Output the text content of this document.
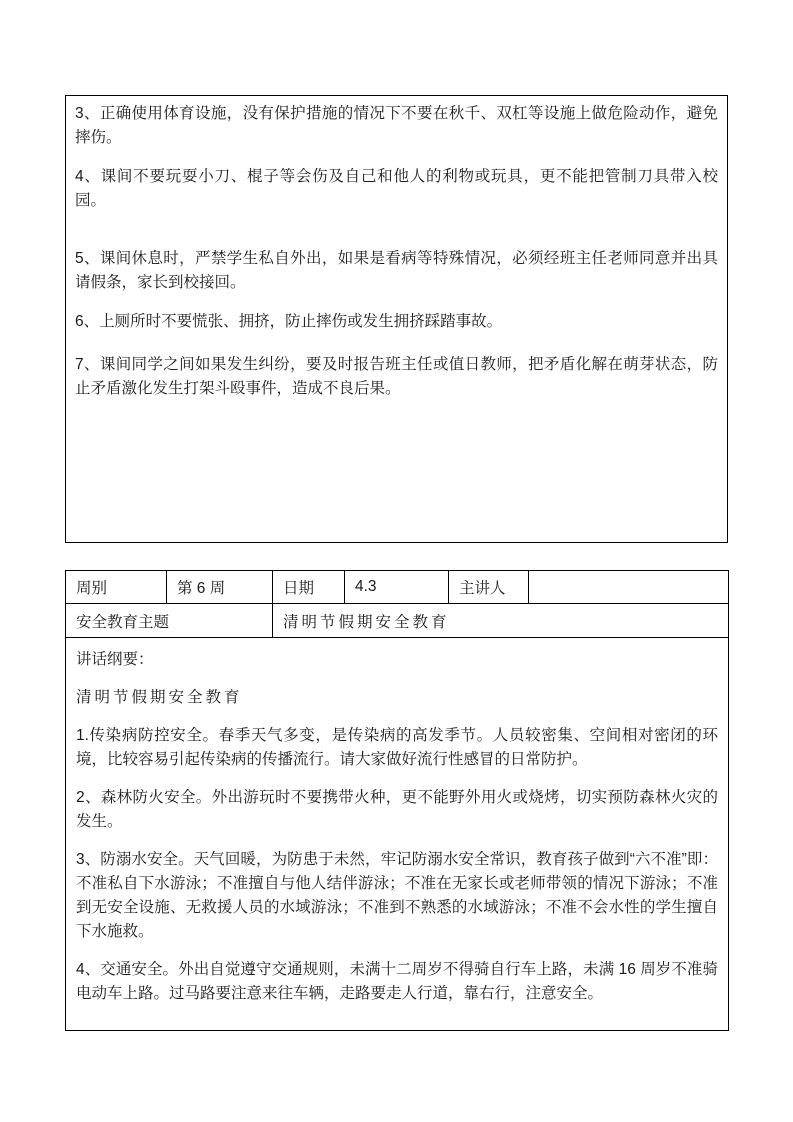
3、正确使用体育设施，没有保护措施的情况下不要在秋千、双杠等设施上做危险动作，避免摔伤。

4、课间不要玩耍小刀、棍子等会伤及自己和他人的利物或玩具，更不能把管制刀具带入校园。

5、课间休息时，严禁学生私自外出，如果是看病等特殊情况，必须经班主任老师同意并出具请假条，家长到校接回。

6、上厕所时不要慌张、拥挤，防止摔伤或发生拥挤踩踏事故。

7、课间同学之间如果发生纠纷，要及时报告班主任或值日教师，把矛盾化解在萌芽状态，防止矛盾激化发生打架斗殴事件，造成不良后果。

周别	第 6 周	日期	4.3	主讲人	
安全教育主题		清明节假期安全教育			

讲话纲要：

清明节假期安全教育

1.传染病防控安全。春季天气多变，是传染病的高发季节。人员较密集、空间相对密闭的环境，比较容易引起传染病的传播流行。请大家做好流行性感冒的日常防护。

2、森林防火安全。外出游玩时不要携带火种，更不能野外用火或烧烤，切实预防森林火灾的发生。

3、防溺水安全。天气回暖，为防患于未然，牢记防溺水安全常识，教育孩子做到“六不准”即：不准私自下水游泳；不准擅自与他人结伴游泳；不准在无家长或老师带领的情况下游泳；不准到无安全设施、无救援人员的水域游泳；不准到不熟悉的水域游泳；不准不会水性的学生擅自下水施救。

4、交通安全。外出自觉遵守交通规则，未满十二周岁不得骑自行车上路，未满 16 周岁不准骑电动车上路。过马路要注意来往车辆，走路要走人行道，靠右行，注意安全。
